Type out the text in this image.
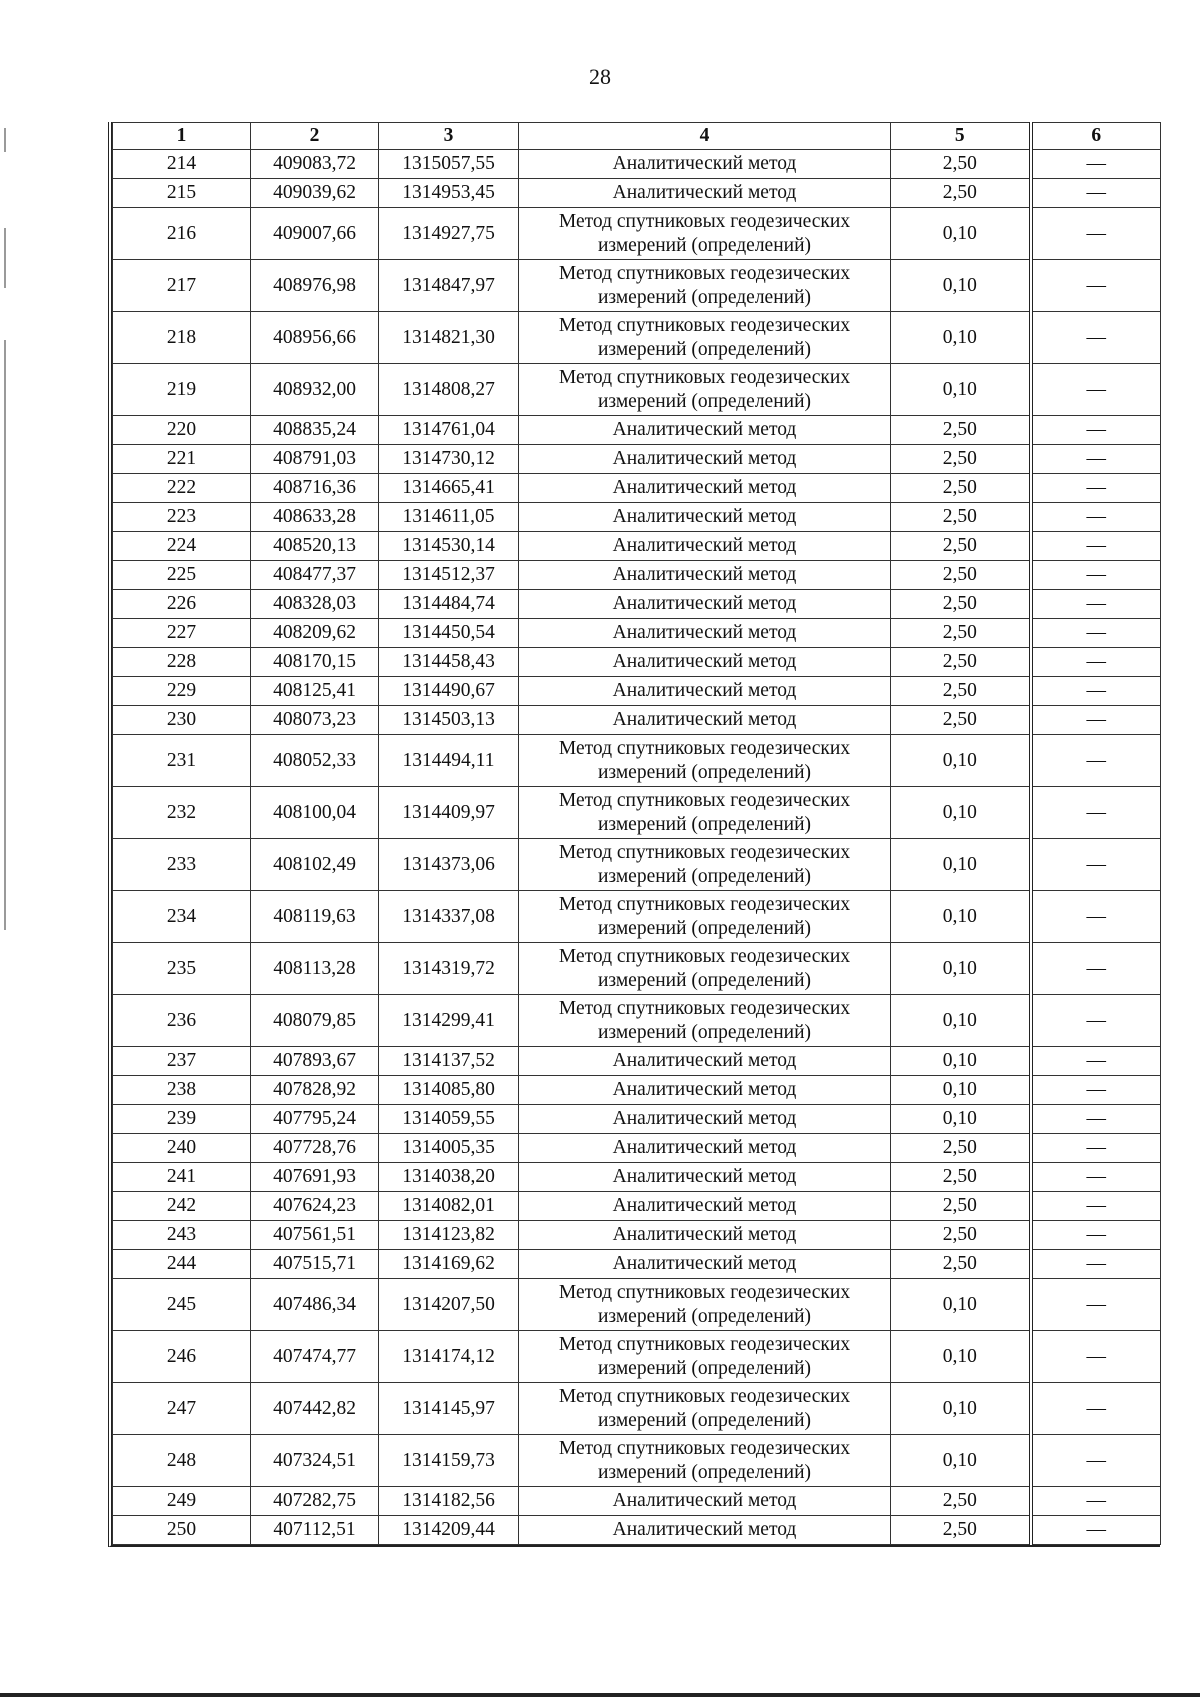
28
1	2	3	4	5	6
214	409083,72	1315057,55	Аналитический метод	2,50	—
215	409039,62	1314953,45	Аналитический метод	2,50	—
216	409007,66	1314927,75	Метод спутниковых геодезических измерений (определений)	0,10	—
217	408976,98	1314847,97	Метод спутниковых геодезических измерений (определений)	0,10	—
218	408956,66	1314821,30	Метод спутниковых геодезических измерений (определений)	0,10	—
219	408932,00	1314808,27	Метод спутниковых геодезических измерений (определений)	0,10	—
220	408835,24	1314761,04	Аналитический метод	2,50	—
221	408791,03	1314730,12	Аналитический метод	2,50	—
222	408716,36	1314665,41	Аналитический метод	2,50	—
223	408633,28	1314611,05	Аналитический метод	2,50	—
224	408520,13	1314530,14	Аналитический метод	2,50	—
225	408477,37	1314512,37	Аналитический метод	2,50	—
226	408328,03	1314484,74	Аналитический метод	2,50	—
227	408209,62	1314450,54	Аналитический метод	2,50	—
228	408170,15	1314458,43	Аналитический метод	2,50	—
229	408125,41	1314490,67	Аналитический метод	2,50	—
230	408073,23	1314503,13	Аналитический метод	2,50	—
231	408052,33	1314494,11	Метод спутниковых геодезических измерений (определений)	0,10	—
232	408100,04	1314409,97	Метод спутниковых геодезических измерений (определений)	0,10	—
233	408102,49	1314373,06	Метод спутниковых геодезических измерений (определений)	0,10	—
234	408119,63	1314337,08	Метод спутниковых геодезических измерений (определений)	0,10	—
235	408113,28	1314319,72	Метод спутниковых геодезических измерений (определений)	0,10	—
236	408079,85	1314299,41	Метод спутниковых геодезических измерений (определений)	0,10	—
237	407893,67	1314137,52	Аналитический метод	0,10	—
238	407828,92	1314085,80	Аналитический метод	0,10	—
239	407795,24	1314059,55	Аналитический метод	0,10	—
240	407728,76	1314005,35	Аналитический метод	2,50	—
241	407691,93	1314038,20	Аналитический метод	2,50	—
242	407624,23	1314082,01	Аналитический метод	2,50	—
243	407561,51	1314123,82	Аналитический метод	2,50	—
244	407515,71	1314169,62	Аналитический метод	2,50	—
245	407486,34	1314207,50	Метод спутниковых геодезических измерений (определений)	0,10	—
246	407474,77	1314174,12	Метод спутниковых геодезических измерений (определений)	0,10	—
247	407442,82	1314145,97	Метод спутниковых геодезических измерений (определений)	0,10	—
248	407324,51	1314159,73	Метод спутниковых геодезических измерений (определений)	0,10	—
249	407282,75	1314182,56	Аналитический метод	2,50	—
250	407112,51	1314209,44	Аналитический метод	2,50	—
